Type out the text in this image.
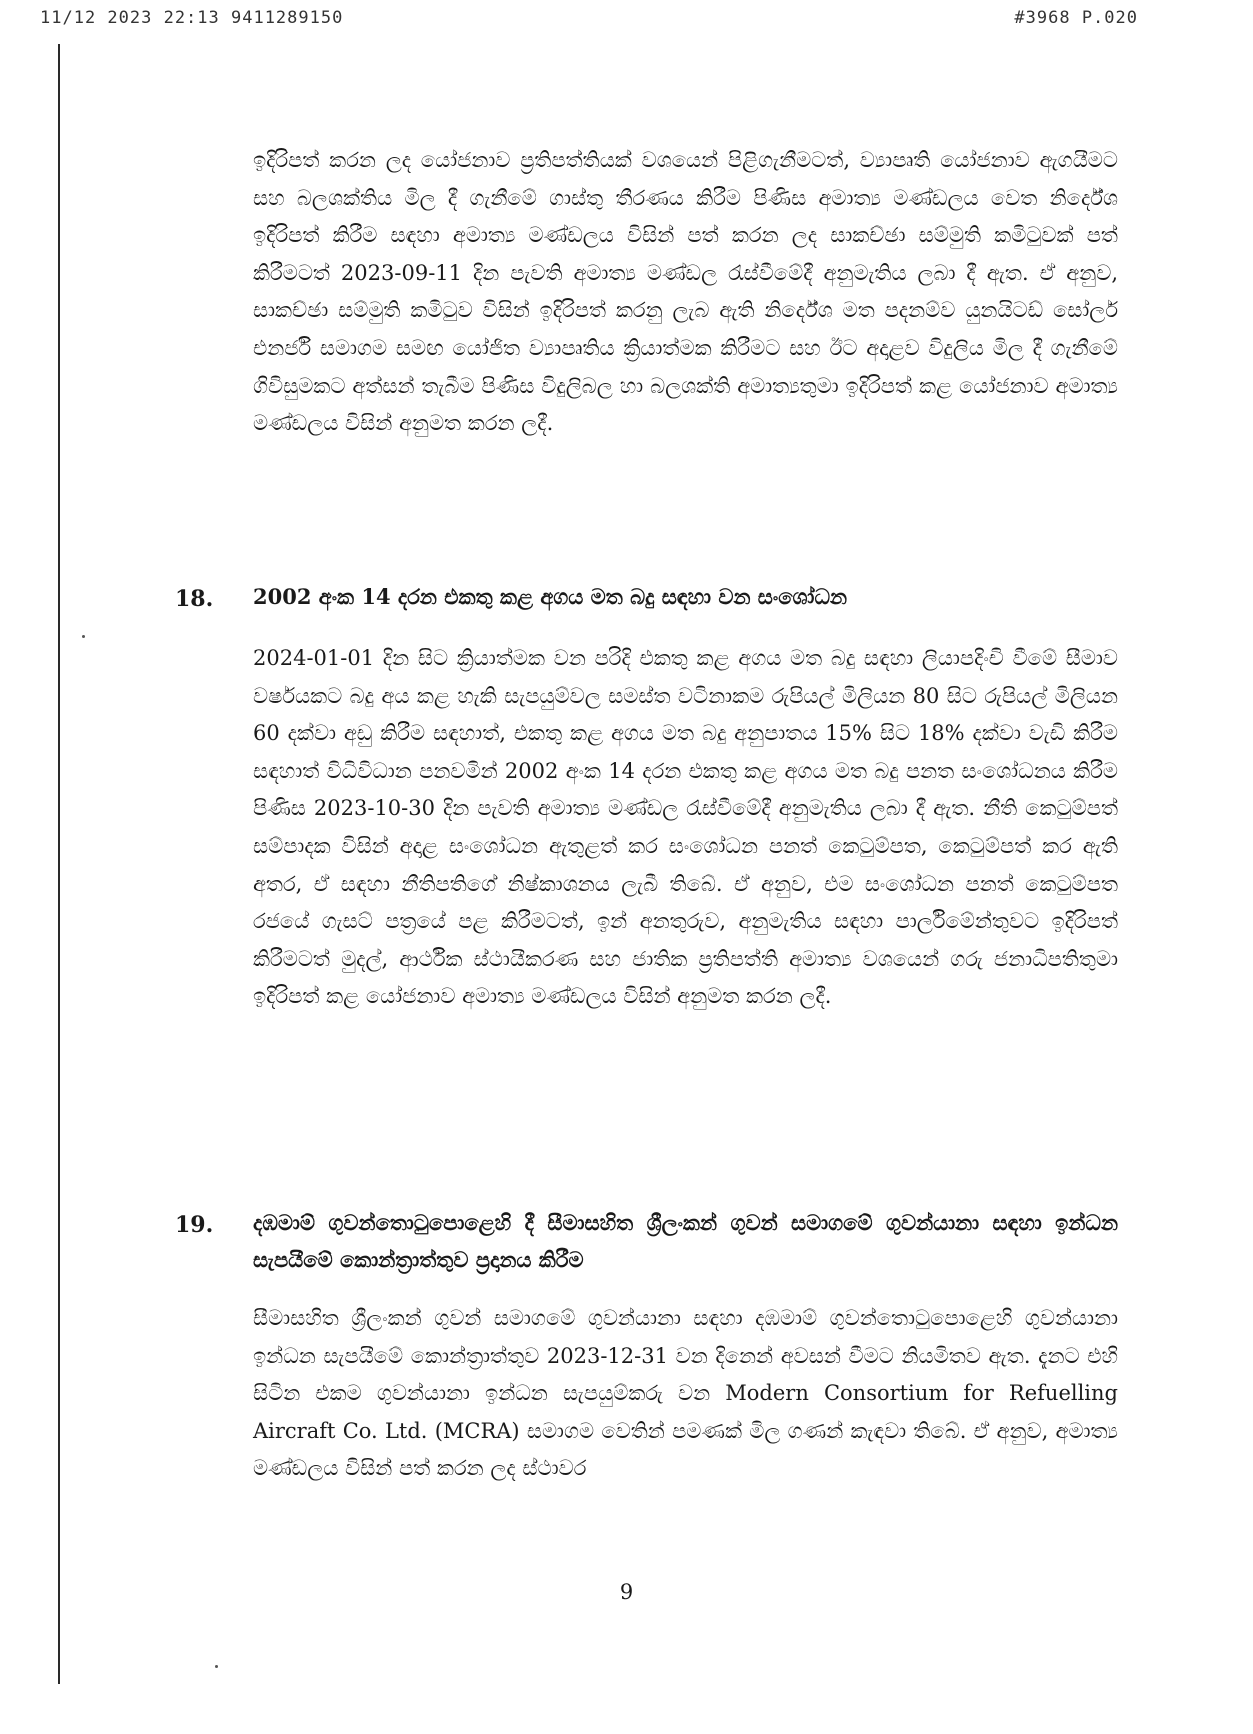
11/12 2023 22:13 9411289150	#3968 P.020

ඉදිරිපත් කරන ලද යෝජනාව ප්‍රතිපත්තියක් වශයෙන් පිළිගැනීමටත්, ව්‍යාපෘති යෝජනාව ඇගයීමට සහ බලශක්තිය මිල දී ගැනීමේ ගාස්තු තීරණය කිරීම පිණිස අමාත්‍ය මණ්ඩලය වෙත නිර්දේශ ඉදිරිපත් කිරීම සඳහා අමාත්‍ය මණ්ඩලය විසින් පත් කරන ලද සාකච්ඡා සම්මුති කමිටුවක් පත් කිරීමටත් 2023-09-11 දින පැවති අමාත්‍ය මණ්ඩල රැස්වීමේදී අනුමැතිය ලබා දී ඇත. ඒ අනුව, සාකච්ඡා සම්මුති කමිටුව විසින් ඉදිරිපත් කරනු ලැබ ඇති නිර්දේශ මත පදනම්ව යුනයිටඩ් සෝලර් එනර්ජි සමාගම සමඟ යෝජිත ව්‍යාපෘතිය ක්‍රියාත්මක කිරීමට සහ ඊට අදාළව විදුලිය මිල දී ගැනීමේ ගිවිසුමකට අත්සන් තැබීම පිණිස විදුලිබල හා බලශක්ති අමාත්‍යතුමා ඉදිරිපත් කළ යෝජනාව අමාත්‍ය මණ්ඩලය විසින් අනුමත කරන ලදී.

18. 2002 අංක 14 දරන එකතු කළ අගය මත බදු සඳහා වන සංශෝධන

2024-01-01 දින සිට ක්‍රියාත්මක වන පරිදි එකතු කළ අගය මත බදු සඳහා ලියාපදිංචි වීමේ සීමාව වර්ෂයකට බදු අය කළ හැකි සැපයුම්වල සමස්ත වටිනාකම රුපියල් මිලියන 80 සිට රුපියල් මිලියන 60 දක්වා අඩු කිරීම සඳහාත්, එකතු කළ අගය මත බදු අනුපාතය 15% සිට 18% දක්වා වැඩි කිරීම සඳහාත් විධිවිධාන පනවමින් 2002 අංක 14 දරන එකතු කළ අගය මත බදු පනත සංශෝධනය කිරීම පිණිස 2023-10-30 දින පැවති අමාත්‍ය මණ්ඩල රැස්වීමේදී අනුමැතිය ලබා දී ඇත. නීති කෙටුම්පත් සම්පාදක විසින් අදාළ සංශෝධන ඇතුළත් කර සංශෝධන පනත් කෙටුම්පත, කෙටුම්පත් කර ඇති අතර, ඒ සඳහා නීතිපතිගේ නිෂ්කාශනය ලැබී තිබේ. ඒ අනුව, එම සංශෝධන පනත් කෙටුම්පත රජයේ ගැසට් පත්‍රයේ පළ කිරීමටත්, ඉන් අනතුරුව, අනුමැතිය සඳහා පාර්ලිමේන්තුවට ඉදිරිපත් කිරීමටත් මුදල්, ආර්ථික ස්ථායීකරණ සහ ජාතික ප්‍රතිපත්ති අමාත්‍ය වශයෙන් ගරු ජනාධිපතිතුමා ඉදිරිපත් කළ යෝජනාව අමාත්‍ය මණ්ඩලය විසින් අනුමත කරන ලදී.

19. දඹමාම් ගුවන්තොටුපොළෙහි දී සීමාසහිත ශ්‍රීලංකන් ගුවන් සමාගමේ ගුවන්යානා සඳහා ඉන්ධන සැපයීමේ කොන්ත්‍රාත්තුව ප්‍රදානය කිරීම

සීමාසහිත ශ්‍රීලංකන් ගුවන් සමාගමේ ගුවන්යානා සඳහා දඹමාම් ගුවන්තොටුපොළෙහි ගුවන්යානා ඉන්ධන සැපයීමේ කොන්ත්‍රාත්තුව 2023-12-31 වන දිනෙන් අවසන් වීමට නියමිතව ඇත. දැනට එහි සිටින එකම ගුවන්යානා ඉන්ධන සැපයුම්කරු වන Modern Consortium for Refuelling Aircraft Co. Ltd. (MCRA) සමාගම වෙතින් පමණක් මිල ගණන් කැඳවා තිබේ. ඒ අනුව, අමාත්‍ය මණ්ඩලය විසින් පත් කරන ලද ස්ථාවර

9
